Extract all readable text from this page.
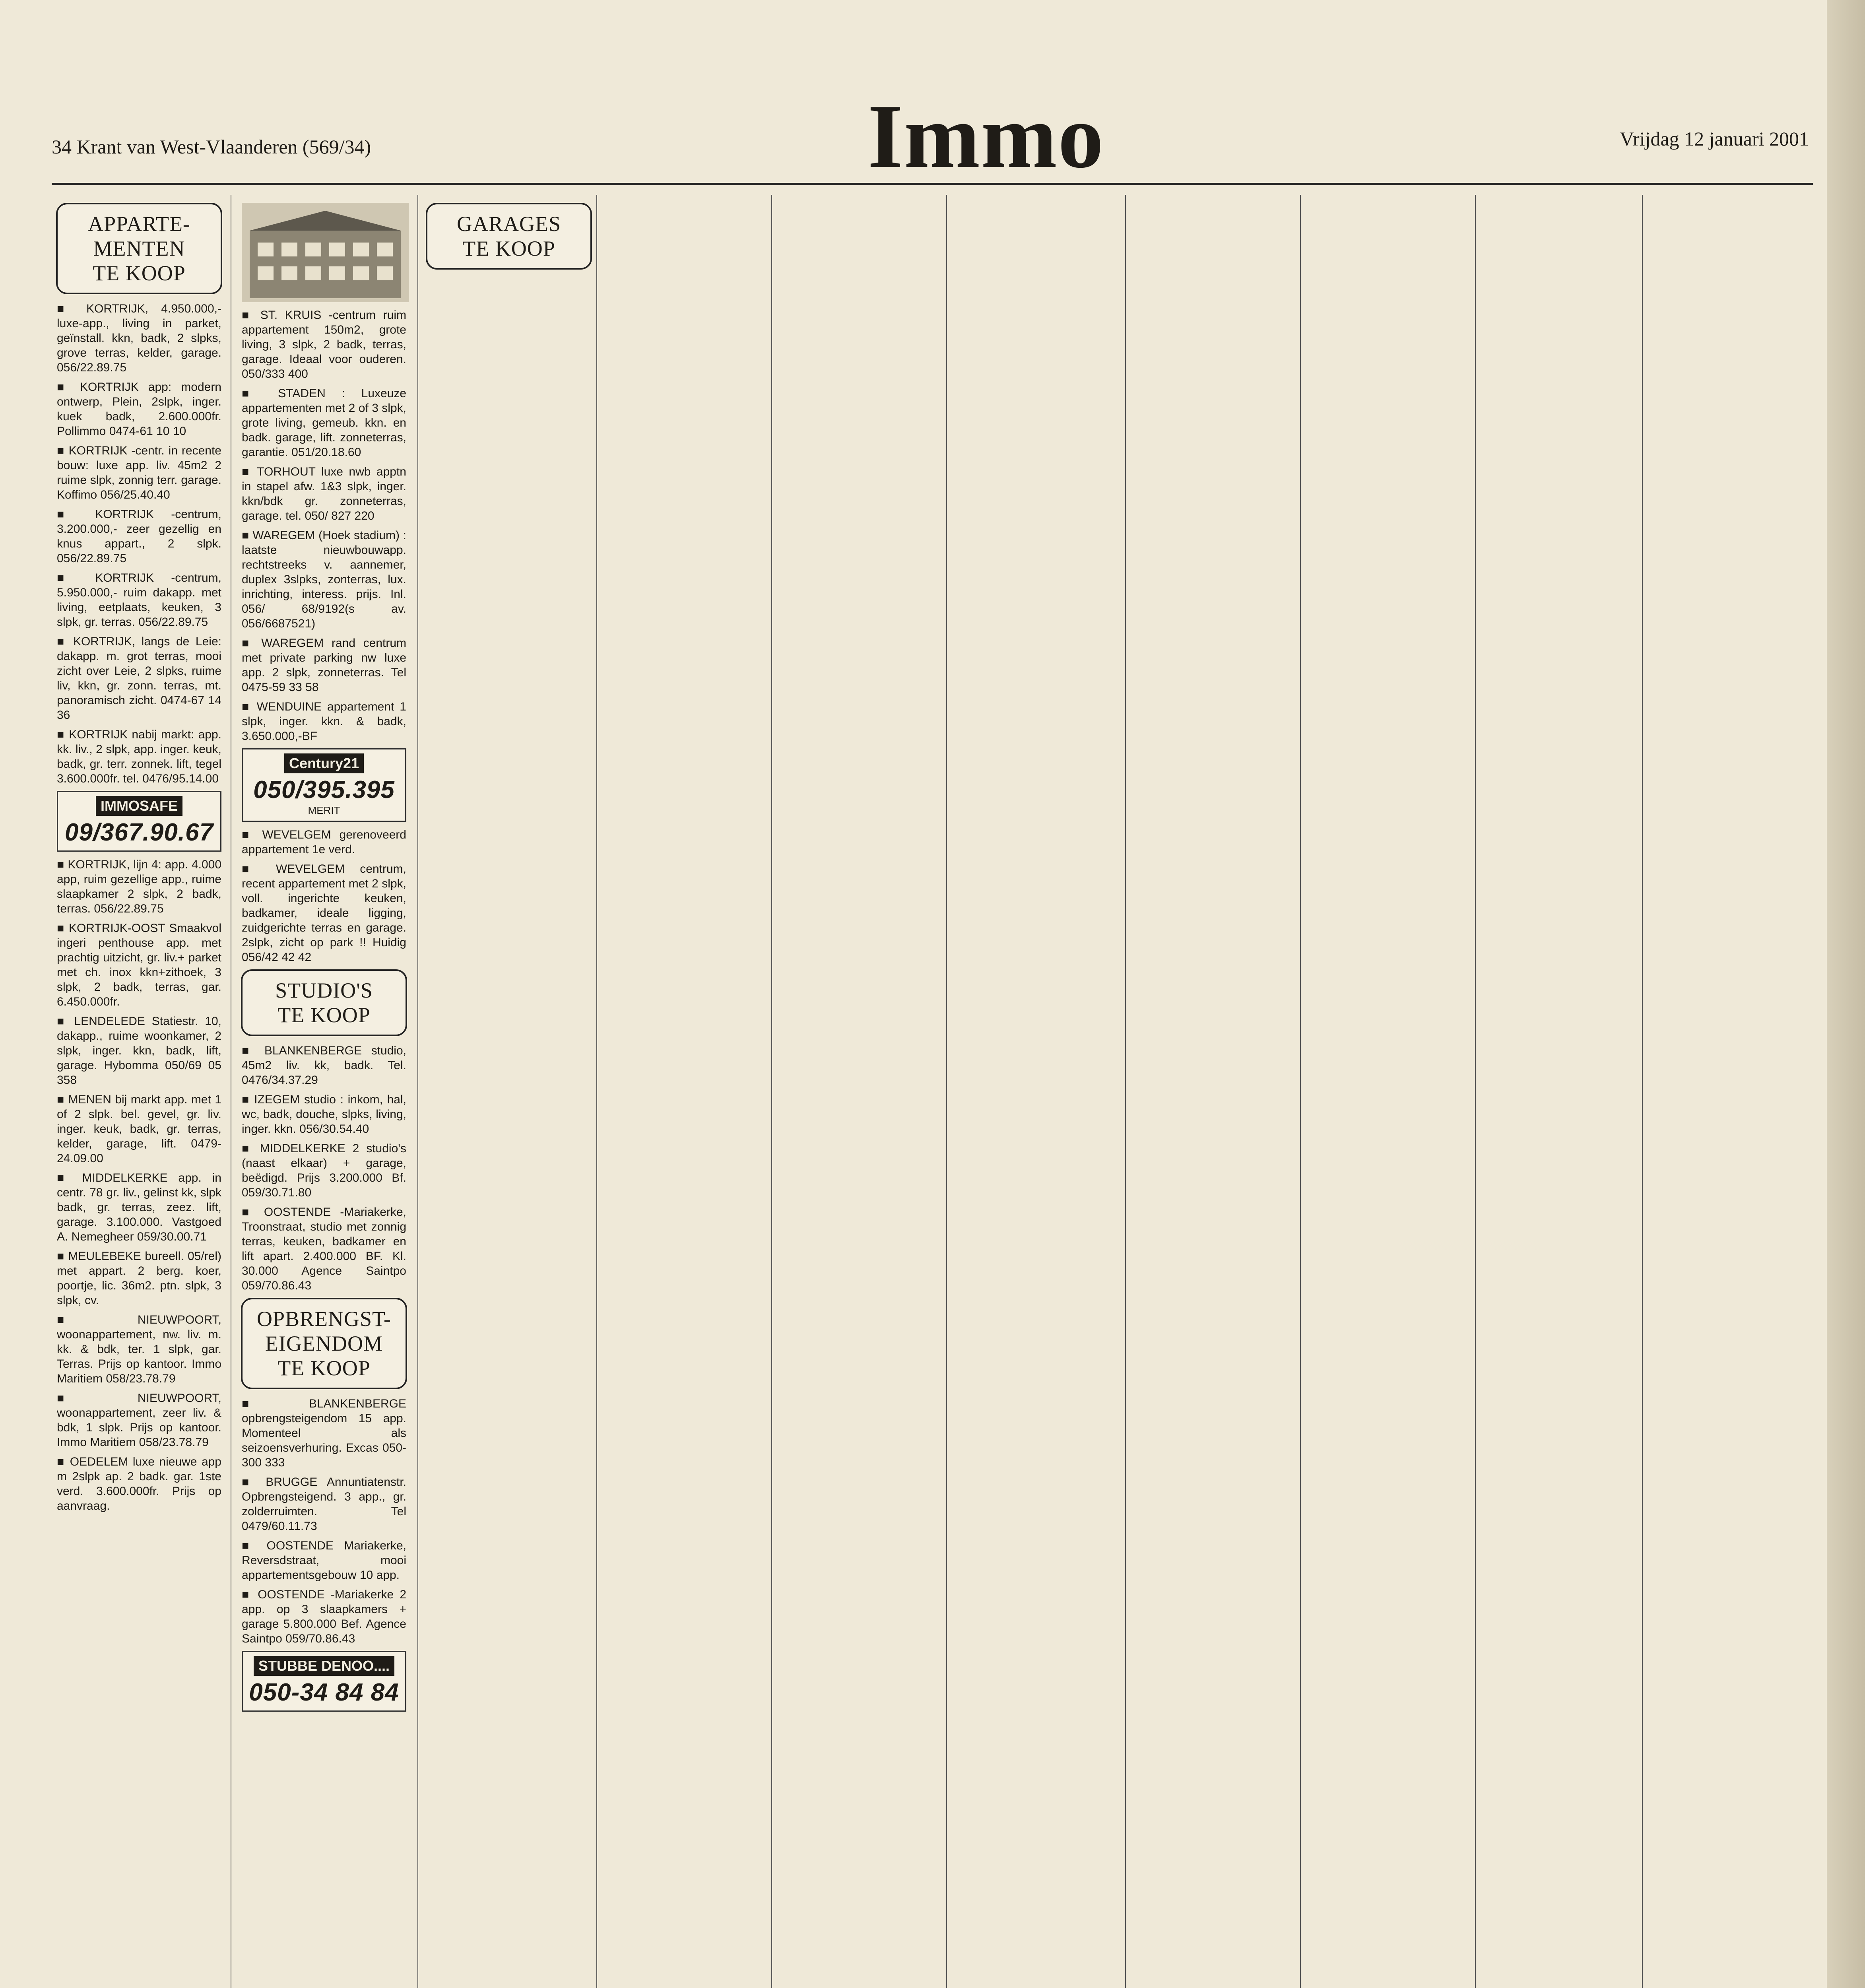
34 Krant van West-Vlaanderen (569/34)	Immo	Vrijdag 12 januari 2001
APPARTE-
MENTEN
TE KOOP
■ KORTRIJK, 4.950.000,- luxe-app., living in parket, geïnstall. kkn, badk, 2 slpks, grove terras, kelder, garage. 056/22.89.75
■ KORTRIJK app: modern ontwerp, Plein, 2slpk, inger. kuek badk, 2.600.000fr. Pollimmo 0474-61 10 10
■ KORTRIJK -centr. in recente bouw: luxe app. liv. 45m2 2 ruime slpk, zonnig terr. garage. Koffimo 056/25.40.40
■ KORTRIJK -centrum, 3.200.000,- zeer gezellig en knus appart., 2 slpk. 056/22.89.75
■ KORTRIJK -centrum, 5.950.000,- ruim dakapp. met living, eetplaats, keuken, 3 slpk, gr. terras. 056/22.89.75
■ KORTRIJK, langs de Leie: dakapp. m. grot terras, mooi zicht over Leie, 2 slpks, ruime liv, kkn, gr. zonn. terras, mt. panoramisch zicht. 0474-67 14 36
■ KORTRIJK nabij markt: app. kk. liv., 2 slpk, app. inger. keuk, badk, gr. terr. zonnek. lift, tegel 3.600.000fr. tel. 0476/95.14.00
IMMOSAFE
09/367.90.67
■ KORTRIJK, lijn 4: app. 4.000 app, ruim gezellige app., ruime slaapkamer 2 slpk, 2 badk, terras. 056/22.89.75
■ KORTRIJK-OOST Smaakvol ingeri penthouse app. met prachtig uitzicht, gr. liv.+ parket met ch. inox kkn+zithoek, 3 slpk, 2 badk, terras, gar. 6.450.000fr.
■ LENDELEDE Statiestr. 10, dakapp., ruime woonkamer, 2 slpk, inger. kkn, badk, lift, garage. Hybomma 050/69 05 358
■ MENEN bij markt app. met 1 of 2 slpk. bel. gevel, gr. liv. inger. keuk, badk, gr. terras, kelder, garage, lift. 0479-24.09.00
■ MIDDELKERKE app. in centr. 78 gr. liv., gelinst kk, slpk badk, gr. terras, zeez. lift, garage. 3.100.000. Vastgoed A. Nemegheer 059/30.00.71
■ MEULEBEKE bureell. 05/rel) met appart. 2 berg. koer, poortje, lic. 36m2. ptn. slpk, 3 slpk, cv.
■ NIEUWPOORT, woonappartement, nw. liv. m. kk. & bdk, ter. 1 slpk, gar. Terras. Prijs op kantoor. Immo Maritiem 058/23.78.79
■ NIEUWPOORT, woonappartement, zeer liv. & bdk, 1 slpk. Prijs op kantoor. Immo Maritiem 058/23.78.79
■ OEDELEM luxe nieuwe app m 2slpk ap. 2 badk. gar. 1ste verd. 3.600.000fr. Prijs op aanvraag.
■ ST. KRUIS -centrum ruim appartement 150m2, grote living, 3 slpk, 2 badk, terras, garage. Ideaal voor ouderen. 050/333 400
■ STADEN : Luxeuze appartementen met 2 of 3 slpk, grote living, gemeub. kkn. en badk. garage, lift. zonneterras, garantie. 051/20.18.60
■ TORHOUT luxe nwb apptn in stapel afw. 1&3 slpk, inger. kkn/bdk gr. zonneterras, garage. tel. 050/ 827 220
■ WAREGEM (Hoek stadium) : laatste nieuwbouwapp. rechtstreeks v. aannemer, duplex 3slpks, zonterras, lux. inrichting, interess. prijs. Inl. 056/ 68/9192(s av. 056/6687521)
■ WAREGEM rand centrum met private parking nw luxe app. 2 slpk, zonneterras. Tel 0475-59 33 58
■ WENDUINE appartement 1 slpk, inger. kkn. & badk, 3.650.000,-BF
Century21
050/395.395
MERIT
■ WEVELGEM gerenoveerd appartement 1e verd.
■ WEVELGEM centrum, recent appartement met 2 slpk, voll. ingerichte keuken, badkamer, ideale ligging, zuidgerichte terras en garage. 2slpk, zicht op park !! Huidig 056/42 42 42
STUDIO'S
TE KOOP
■ BLANKENBERGE studio, 45m2 liv. kk, badk. Tel. 0476/34.37.29
■ IZEGEM studio : inkom, hal, wc, badk, douche, slpks, living, inger. kkn. 056/30.54.40
■ MIDDELKERKE 2 studio's (naast elkaar) + garage, beëdigd. Prijs 3.200.000 Bf. 059/30.71.80
■ OOSTENDE -Mariakerke, Troonstraat, studio met zonnig terras, keuken, badkamer en lift apart. 2.400.000 BF. Kl. 30.000 Agence Saintpo 059/70.86.43
OPBRENGST-
EIGENDOM
TE KOOP
■ BLANKENBERGE opbrengsteigendom 15 app. Momenteel als seizoensverhuring. Excas 050-300 333
■ BRUGGE Annuntiatenstr. Opbrengsteigend. 3 app., gr. zolderruimten. Tel 0479/60.11.73
■ OOSTENDE Mariakerke, Reversdstraat, mooi appartementsgebouw 10 app.
■ OOSTENDE -Mariakerke 2 app. op 3 slaapkamers + garage 5.800.000 Bef. Agence Saintpo 059/70.86.43
STUBBE DENOO....
050-34 84 84
GARAGES
TE KOOP
